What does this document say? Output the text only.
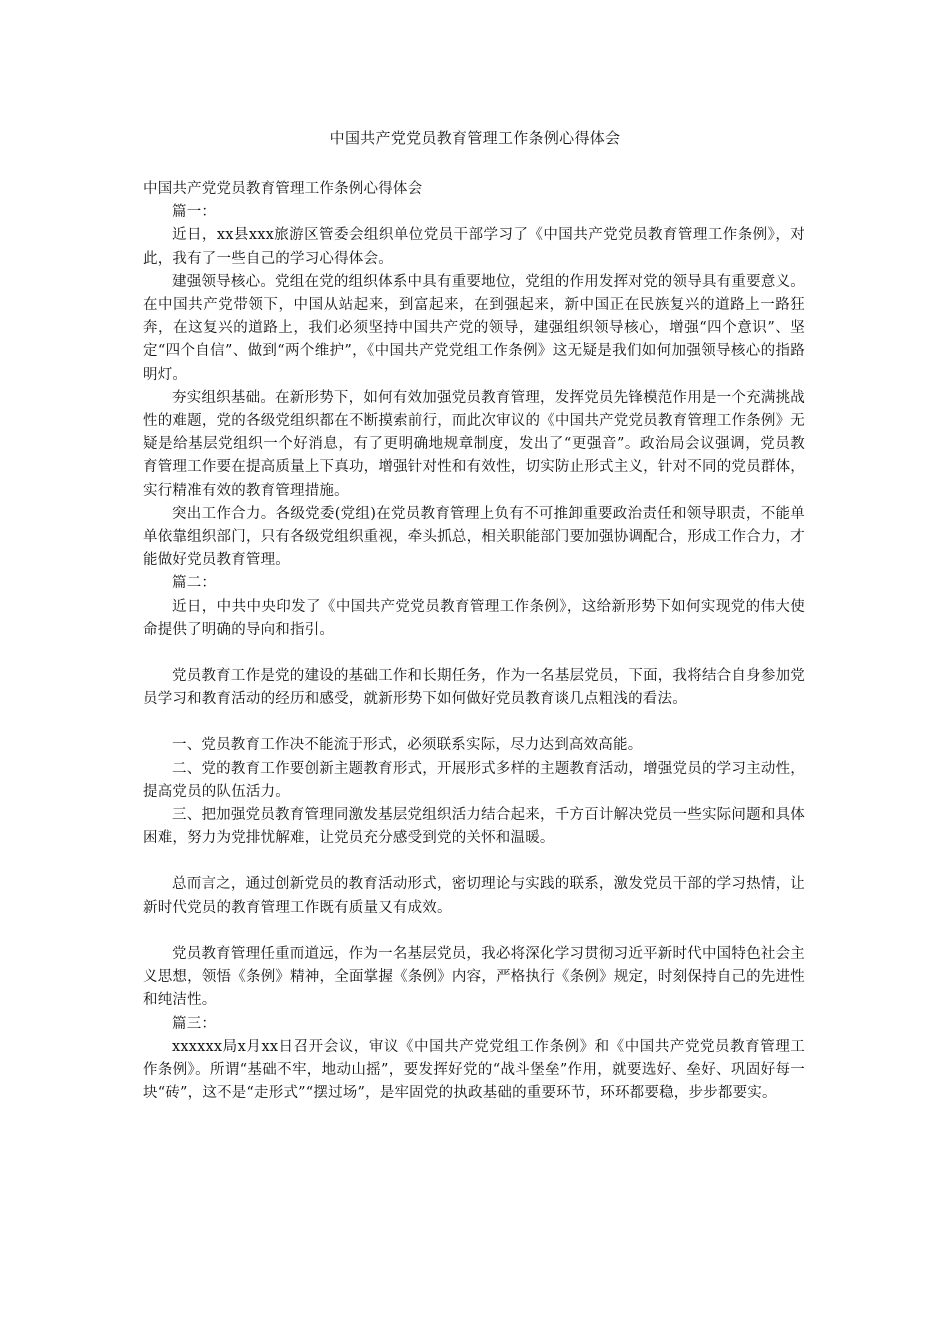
中国共产党党员教育管理工作条例心得体会

中国共产党党员教育管理工作条例心得体会

篇一：

近日，xx县xxx旅游区管委会组织单位党员干部学习了《中国共产党党员教育管理工作条例》，对此，我有了一些自己的学习心得体会。

建强领导核心。党组在党的组织体系中具有重要地位，党组的作用发挥对党的领导具有重要意义。在中国共产党带领下，中国从站起来，到富起来，在到强起来，新中国正在民族复兴的道路上一路狂奔，在这复兴的道路上，我们必须坚持中国共产党的领导，建强组织领导核心，增强“四个意识”、坚定“四个自信”、做到“两个维护”，《中国共产党党组工作条例》这无疑是我们如何加强领导核心的指路明灯。

夯实组织基础。在新形势下，如何有效加强党员教育管理，发挥党员先锋模范作用是一个充满挑战性的难题，党的各级党组织都在不断摸索前行，而此次审议的《中国共产党党员教育管理工作条例》无疑是给基层党组织一个好消息，有了更明确地规章制度，发出了“更强音”。政治局会议强调，党员教育管理工作要在提高质量上下真功，增强针对性和有效性，切实防止形式主义，针对不同的党员群体，实行精准有效的教育管理措施。

突出工作合力。各级党委(党组)在党员教育管理上负有不可推卸重要政治责任和领导职责，不能单单依靠组织部门，只有各级党组织重视，牵头抓总，相关职能部门要加强协调配合，形成工作合力，才能做好党员教育管理。

篇二：

近日，中共中央印发了《中国共产党党员教育管理工作条例》，这给新形势下如何实现党的伟大使命提供了明确的导向和指引。

党员教育工作是党的建设的基础工作和长期任务，作为一名基层党员，下面，我将结合自身参加党员学习和教育活动的经历和感受，就新形势下如何做好党员教育谈几点粗浅的看法。

一、党员教育工作决不能流于形式，必须联系实际，尽力达到高效高能。

二、党的教育工作要创新主题教育形式，开展形式多样的主题教育活动，增强党员的学习主动性，提高党员的队伍活力。

三、把加强党员教育管理同激发基层党组织活力结合起来，千方百计解决党员一些实际问题和具体困难，努力为党排忧解难，让党员充分感受到党的关怀和温暖。

总而言之，通过创新党员的教育活动形式，密切理论与实践的联系，激发党员干部的学习热情，让新时代党员的教育管理工作既有质量又有成效。

党员教育管理任重而道远，作为一名基层党员，我必将深化学习贯彻习近平新时代中国特色社会主义思想，领悟《条例》精神，全面掌握《条例》内容，严格执行《条例》规定，时刻保持自己的先进性和纯洁性。

篇三：

xxxxxx局x月xx日召开会议，审议《中国共产党党组工作条例》和《中国共产党党员教育管理工作条例》。所谓“基础不牢，地动山摇”，要发挥好党的“战斗堡垒”作用，就要选好、垒好、巩固好每一块“砖”，这不是“走形式”“摆过场”，是牢固党的执政基础的重要环节，环环都要稳，步步都要实。
